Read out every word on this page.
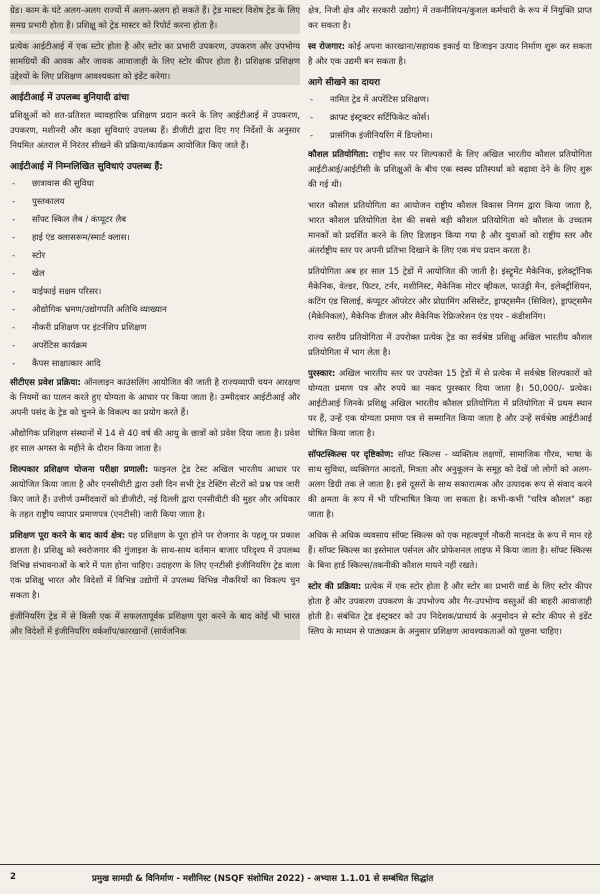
ग्रेड। काम के घंटे अलग-अलग राज्यों में अलग-अलग हो सकते हैं। ट्रेड मास्टर विशेष ट्रेड के लिए समग्र प्रभारी होता है। प्रशिक्षु को ट्रेड मास्टर को रिपोर्ट करना होता है।

प्रत्येक आईटीआई में एक स्टोर होता है और स्टोर का प्रभारी उपकरण, उपकरण और उपभोग्य सामग्रियों की आवक और जावक आवाजाही के लिए स्टोर कीपर होता है। प्रशिक्षक प्रशिक्षण उद्देश्यों के लिए प्रशिक्षण आवश्यकता को इंडेंट करेगा।

आईटीआई में उपलब्ध बुनियादी ढांचा

प्रशिक्षुओं को शत-प्रतिशत व्यावहारिक प्रशिक्षण प्रदान करने के लिए आईटीआई में उपकरण, उपकरण, मशीनरी और कक्षा सुविधाएं उपलब्ध हैं। डीजीटी द्वारा दिए गए निर्देशों के अनुसार नियमित अंतराल में निरंतर सीखने की प्रक्रिया/कार्यक्रम आयोजित किए जाते हैं।

आईटीआई में निम्नलिखित सुविधाएं उपलब्ध हैं:
- छात्रावास की सुविधा
- पुस्तकालय
- सॉफ्ट स्किल लैब / कंप्यूटर लैब
- हाई एंड क्लासरूम/स्मार्ट क्लास।
- स्टोर
- खेल
- वाईफाई सक्षम परिसर।
- औद्योगिक भ्रमण/उद्योगपति अतिथि व्याख्यान
- नौकरी प्रशिक्षण पर इंटर्नशिप प्रशिक्षण
- अपरेंटिस कार्यक्रम
- कैंपस साक्षात्कार आदि

सीटीएस प्रवेश प्रक्रिया: ऑनलाइन काउंसलिंग आयोजित की जाती है राज्यव्यापी चयन आरक्षण के नियमों का पालन करते हुए योग्यता के आधार पर किया जाता है। उम्मीदवार आईटीआई और अपनी पसंद के ट्रेड को चुनने के विकल्प का प्रयोग करते हैं।

औद्योगिक प्रशिक्षण संस्थानों में 14 से 40 वर्ष की आयु के छात्रों को प्रवेश दिया जाता है। प्रवेश हर साल अगस्त के महीने के दौरान किया जाता है।

शिल्पकार प्रशिक्षण योजना परीक्षा प्रणाली: फाइनल ट्रेड टेस्ट अखिल भारतीय आधार पर आयोजित किया जाता है और एनसीवीटी द्वारा उसी दिन सभी ट्रेड टेस्टिंग सेंटरों को प्रश्न पत्र जारी किए जाते हैं। उत्तीर्ण उम्मीदवारों को डीजीटी, नई दिल्ली द्वारा एनसीवीटी की मुहर और अधिकार के तहत राष्ट्रीय व्यापार प्रमाणपत्र (एनटीसी) जारी किया जाता है।

प्रशिक्षण पूरा करने के बाद कार्य क्षेत्र: यह प्रशिक्षण के पूरा होने पर रोजगार के पहलू पर प्रकाश डालता है। प्रशिक्षु को स्वरोजगार की गुंजाइश के साथ-साथ वर्तमान बाजार परिदृश्य में उपलब्ध विभिन्न संभावनाओं के बारे में पता होना चाहिए। उदाहरण के लिए एनटीसी इंजीनियरिंग ट्रेड वाला एक प्रशिक्षु भारत और विदेशों में विभिन्न उद्योगों में उपलब्ध विभिन्न नौकरियों का विकल्प चुन सकता है।

इंजीनियरिंग ट्रेड में से किसी एक में सफलतापूर्वक प्रशिक्षण पूरा करने के बाद कोई भी भारत और विदेशों में इंजीनियरिंग वर्कशॉप/कारखानों (सार्वजनिक

क्षेत्र, निजी क्षेत्र और सरकारी उद्योग) में तकनीशियन/कुशल कर्मचारी के रूप में नियुक्ति प्राप्त कर सकता है।

स्व रोजगार: कोई अपना कारखाना/सहायक इकाई या डिजाइन उत्पाद निर्माण शुरू कर सकता है और एक उद्यमी बन सकता है।

आगे सीखने का दायरा
- नामित ट्रेड में अपरेंटिस प्रशिक्षण।
- क्राफ्ट इंस्ट्रक्टर सर्टिफिकेट कोर्स।
- प्रासंगिक इंजीनियरिंग में डिप्लोमा।

कौशल प्रतियोगिता: राष्ट्रीय स्तर पर शिल्पकारों के लिए अखिल भारतीय कौशल प्रतियोगिता आईटीआई/आईटीसी के प्रशिक्षुओं के बीच एक स्वस्थ प्रतिस्पर्धा को बढ़ावा देने के लिए शुरू की गई थी।

भारत कौशल प्रतियोगिता का आयोजन राष्ट्रीय कौशल विकास निगम द्वारा किया जाता है, भारत कौशल प्रतियोगिता देश की सबसे बड़ी कौशल प्रतियोगिता को कौशल के उच्चतम मानकों को प्रदर्शित करने के लिए डिज़ाइन किया गया है और युवाओं को राष्ट्रीय स्तर और अंतर्राष्ट्रीय स्तर पर अपनी प्रतिभा दिखाने के लिए एक मंच प्रदान करता है।

प्रतियोगिता अब हर साल 15 ट्रेडों में आयोजित की जाती है। इंस्ट्रूमेंट मैकेनिक, इलेक्ट्रॉनिक मैकेनिक, वेल्डर, फिटर, टर्नर, मशीनिस्ट, मैकेनिक मोटर व्हीकल, फाउंड्री मैन, इलेक्ट्रीशियन, कटिंग एंड सिलाई, कंप्यूटर ऑपरेटर और प्रोग्रामिंग असिस्टेंट, ड्राफ्ट्समैन (सिविल), ड्राफ्ट्समैन (मैकेनिकल), मैकेनिक डीजल और मैकेनिक रेफ्रिजरेशन एंड एयर - कंडीशनिंग।

राज्य स्तरीय प्रतियोगिता में उपरोक्त प्रत्येक ट्रेड का सर्वश्रेष्ठ प्रशिक्षु अखिल भारतीय कौशल प्रतियोगिता में भाग लेता है।

पुरस्कार: अखिल भारतीय स्तर पर उपरोक्त 15 ट्रेडों में से प्रत्येक में सर्वश्रेष्ठ शिल्पकारों को योग्यता प्रमाण पत्र और रुपये का नकद पुरस्कार दिया जाता है। 50,000/- प्रत्येक। आईटीआई जिनके प्रशिक्षु अखिल भारतीय कौशल प्रतियोगिता में प्रतियोगिता में प्रथम स्थान पर हैं, उन्हें एक योग्यता प्रमाण पत्र से सम्मानित किया जाता है और उन्हें सर्वश्रेष्ठ आईटीआई घोषित किया जाता है।

सॉफ्टस्किल्स पर दृष्टिकोण: सॉफ्ट स्किल्स - व्यक्तित्व लक्षणों, सामाजिक गौरव, भाषा के साथ सुविधा, व्यक्तिगत आदतों, मित्रता और अनुकूलन के समूह को देखें जो लोगों को अलग-अलग डिग्री तक ले जाता है। इसे दूसरों के साथ सकारात्मक और उत्पादक रूप से संवाद करने की क्षमता के रूप में भी परिभाषित किया जा सकता है। कभी-कभी "चरित्र कौशल" कहा जाता है।

अधिक से अधिक व्यवसाय सॉफ्ट स्किल्स को एक महत्वपूर्ण नौकरी मानदंड के रूप में मान रहे हैं। सॉफ्ट स्किल्स का इस्तेमाल पर्सनल और प्रोफेशनल लाइफ में किया जाता है। सॉफ्ट स्किल्स के बिना हार्ड स्किल्स/तकनीकी कौशल मायने नहीं रखते।

स्टोर की प्रक्रिया: प्रत्येक में एक स्टोर होता है और स्टोर का प्रभारी वार्ड के लिए स्टोर कीपर होता है और उपकरण उपकरण के उपभोज्य और गैर-उपभोग्य वस्तुओं की बाहरी आवाजाही होती है। संबंधित ट्रेड इंस्ट्रक्टर को उप निदेशक/प्राचार्य के अनुमोदन से स्टोर कीपर से इंडेंट स्लिप के माध्यम से पाठ्यक्रम के अनुसार प्रशिक्षण आवश्यकताओं को पूछना चाहिए।

2	प्रमुख सामग्री & विनिर्माण - मशीनिस्ट (NSQF संशोधित 2022) - अभ्यास 1.1.01 से सम्बंधित सिद्धांत
